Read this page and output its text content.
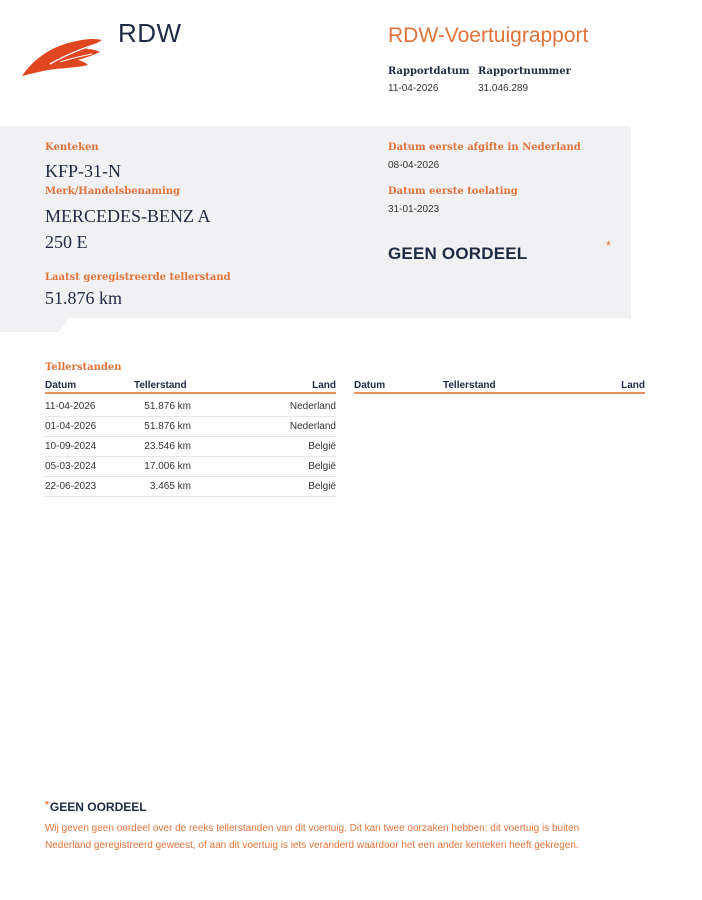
RDW	RDW-Voertuigrapport
Rapportdatum Rapportnummer
11-04-2026	31.046.289
Kenteken
KFP-31-N
Merk/Handelsbenaming
MERCEDES-BENZ A
250 E
Laatst geregistreerde tellerstand
51.876 km
Datum eerste afgifte in Nederland
08-04-2026
Datum eerste toelating
31-01-2023
GEEN OORDEEL	*
Tellerstanden
Datum	Tellerstand	Land Datum	Tellerstand	Land
11-04-2026	51.876 km	Nederland
01-04-2026	51.876 km	Nederland
10-09-2024	23.546 km	België
05-03-2024	17.006 km	België
22-06-2023	3.465 km	België
* GEEN OORDEEL
Wij geven geen oordeel over de reeks tellerstanden van dit voertuig. Dit kan twee oorzaken hebben: dit voertuig is buiten Nederland geregistreerd geweest, of aan dit voertuig is iets veranderd waardoor het een ander kenteken heeft gekregen.
